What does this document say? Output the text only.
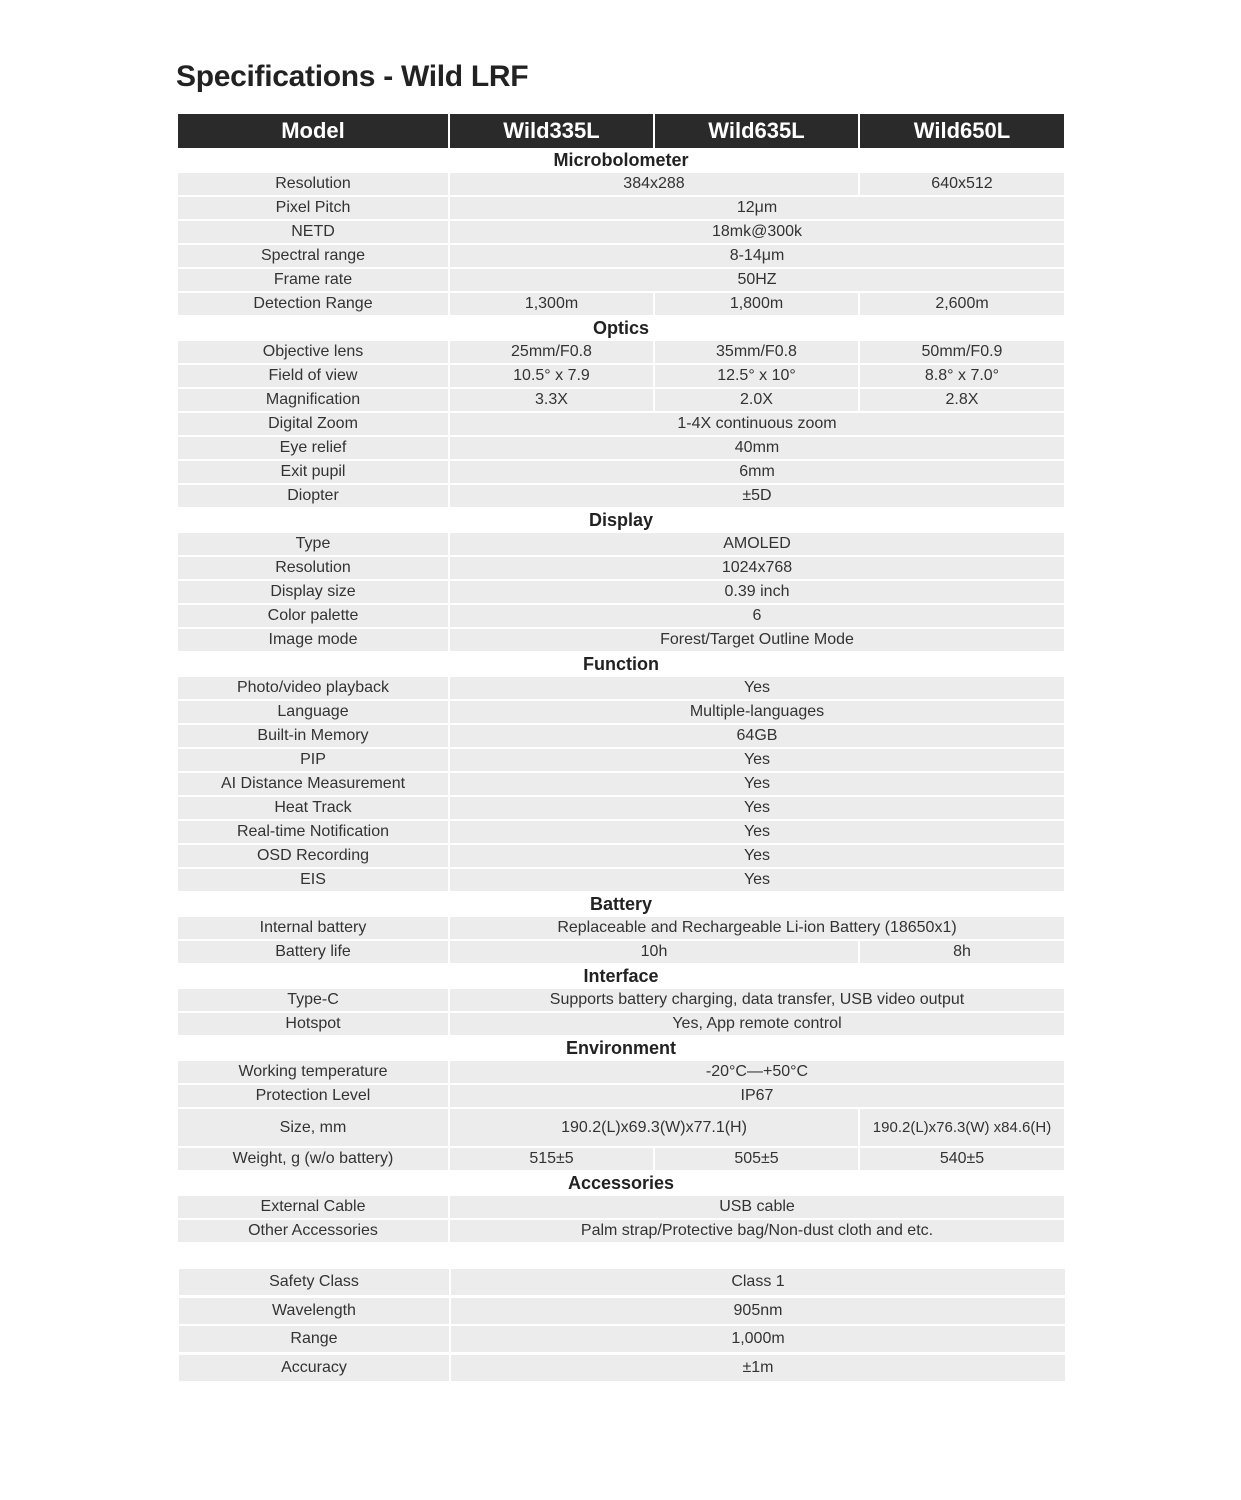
Specifications - Wild LRF
Model	Wild335L	Wild635L	Wild650L
Microbolometer
Resolution	384x288	640x512
Pixel Pitch	12μm
NETD	18mk@300k
Spectral range	8-14μm
Frame rate	50HZ
Detection Range	1,300m	1,800m	2,600m
Optics
Objective lens	25mm/F0.8	35mm/F0.8	50mm/F0.9
Field of view	10.5° x 7.9	12.5° x 10°	8.8° x 7.0°
Magnification	3.3X	2.0X	2.8X
Digital Zoom	1-4X continuous zoom
Eye relief	40mm
Exit pupil	6mm
Diopter	±5D
Display
Type	AMOLED
Resolution	1024x768
Display size	0.39 inch
Color palette	6
Image mode	Forest/Target Outline Mode
Function
Photo/video playback	Yes
Language	Multiple-languages
Built-in Memory	64GB
PIP	Yes
AI Distance Measurement	Yes
Heat Track	Yes
Real-time Notification	Yes
OSD Recording	Yes
EIS	Yes
Battery
Internal battery	Replaceable and Rechargeable Li-ion Battery (18650x1)
Battery life	10h	8h
Interface
Type-C	Supports battery charging, data transfer, USB video output
Hotspot	Yes, App remote control
Environment
Working temperature	-20°C—+50°C
Protection Level	IP67
Size, mm	190.2(L)x69.3(W)x77.1(H)	190.2(L)x76.3(W) x84.6(H)
Weight, g (w/o battery)	515±5	505±5	540±5
Accessories
External Cable	USB cable
Other Accessories	Palm strap/Protective bag/Non-dust cloth and etc.
Safety Class	Class 1
Wavelength	905nm
Range	1,000m
Accuracy	±1m
